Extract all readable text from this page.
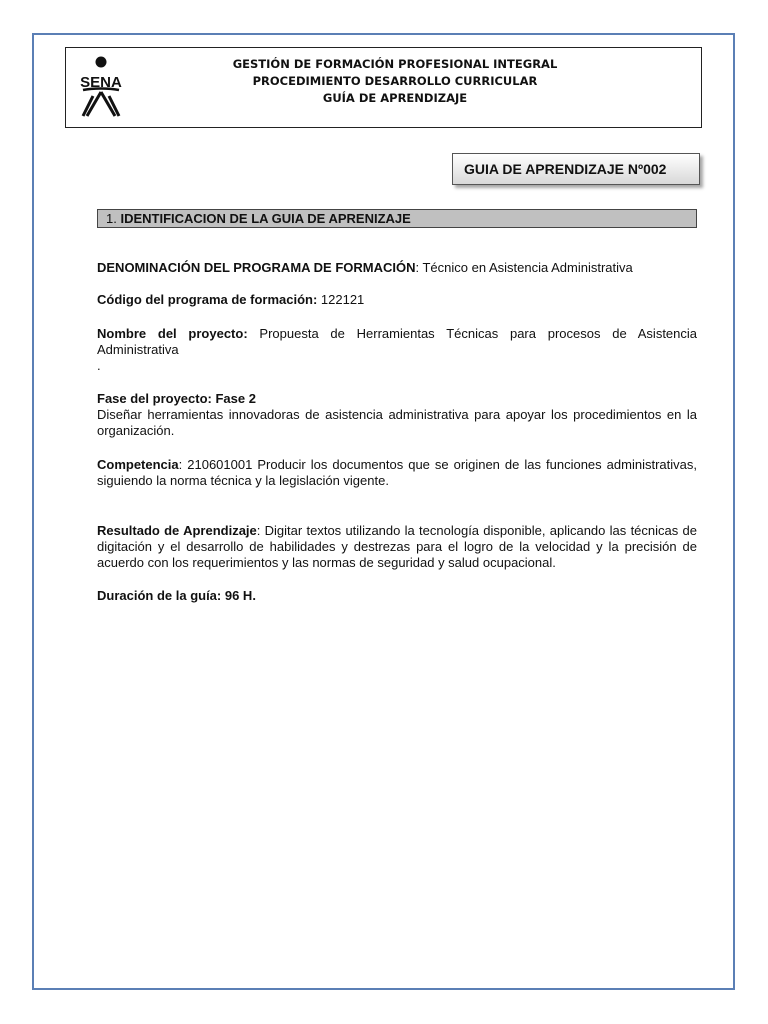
SENA
GESTIÓN DE FORMACIÓN PROFESIONAL INTEGRAL
PROCEDIMIENTO DESARROLLO CURRICULAR
GUÍA DE APRENDIZAJE
GUIA DE APRENDIZAJE Nº002
1. IDENTIFICACION DE LA GUIA DE APRENIZAJE
DENOMINACIÓN DEL PROGRAMA DE FORMACIÓN: Técnico en Asistencia Administrativa
Código del programa de formación: 122121
Nombre del proyecto: Propuesta de Herramientas Técnicas para procesos de Asistencia Administrativa
.
Fase del proyecto: Fase 2
Diseñar herramientas innovadoras de asistencia administrativa para apoyar los procedimientos en la organización.
Competencia: 210601001 Producir los documentos que se originen de las funciones administrativas, siguiendo la norma técnica y la legislación vigente.
Resultado de Aprendizaje: Digitar textos utilizando la tecnología disponible, aplicando las técnicas de digitación y el desarrollo de habilidades y destrezas para el logro de la velocidad y la precisión de acuerdo con los requerimientos y las normas de seguridad y salud ocupacional.
Duración de la guía: 96 H.
